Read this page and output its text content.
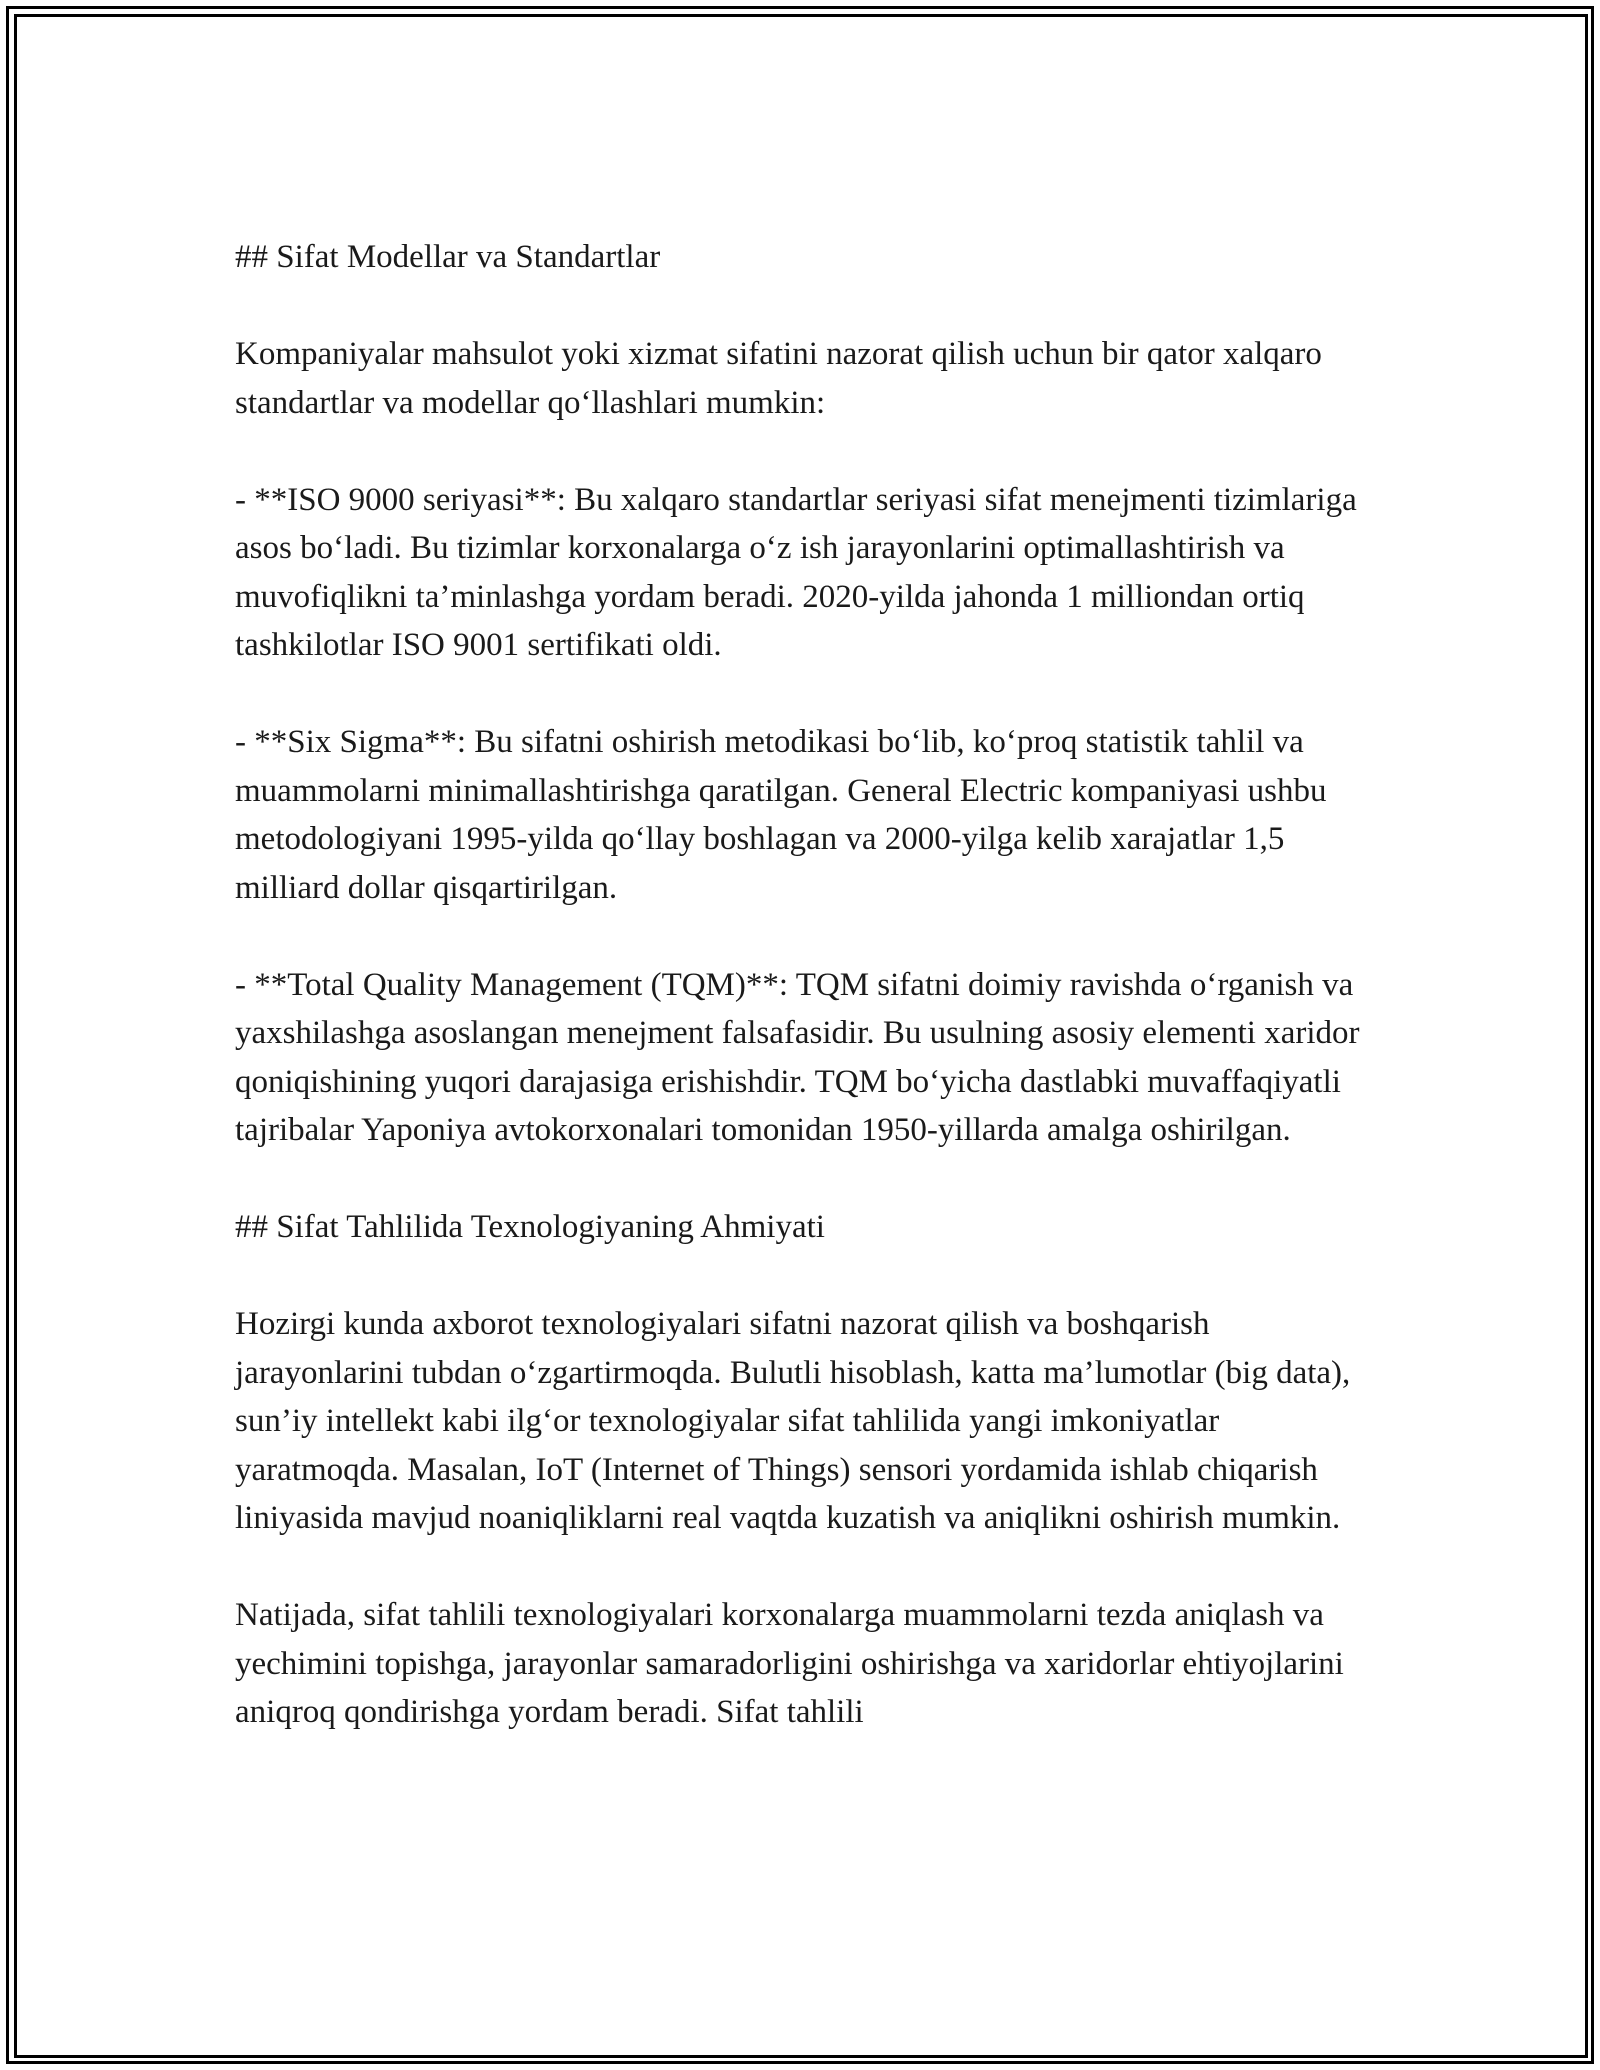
## Sifat Modellar va Standartlar

Kompaniyalar mahsulot yoki xizmat sifatini nazorat qilish uchun bir qator xalqaro standartlar va modellar qo‘llashlari mumkin:

- **ISO 9000 seriyasi**: Bu xalqaro standartlar seriyasi sifat menejmenti tizimlariga asos bo‘ladi. Bu tizimlar korxonalarga o‘z ish jarayonlarini optimallashtirish va muvofiqlikni ta’minlashga yordam beradi. 2020-yilda jahonda 1 milliondan ortiq tashkilotlar ISO 9001 sertifikati oldi.

- **Six Sigma**: Bu sifatni oshirish metodikasi bo‘lib, ko‘proq statistik tahlil va muammolarni minimallashtirishga qaratilgan. General Electric kompaniyasi ushbu metodologiyani 1995-yilda qo‘llay boshlagan va 2000-yilga kelib xarajatlar 1,5 milliard dollar qisqartirilgan.

- **Total Quality Management (TQM)**: TQM sifatni doimiy ravishda o‘rganish va yaxshilashga asoslangan menejment falsafasidir. Bu usulning asosiy elementi xaridor qoniqishining yuqori darajasiga erishishdir. TQM bo‘yicha dastlabki muvaffaqiyatli tajribalar Yaponiya avtokorxonalari tomonidan 1950-yillarda amalga oshirilgan.

## Sifat Tahlilida Texnologiyaning Ahmiyati

Hozirgi kunda axborot texnologiyalari sifatni nazorat qilish va boshqarish jarayonlarini tubdan o‘zgartirmoqda. Bulutli hisoblash, katta ma’lumotlar (big data), sun’iy intellekt kabi ilg‘or texnologiyalar sifat tahlilida yangi imkoniyatlar yaratmoqda. Masalan, IoT (Internet of Things) sensori yordamida ishlab chiqarish liniyasida mavjud noaniqliklarni real vaqtda kuzatish va aniqlikni oshirish mumkin.

Natijada, sifat tahlili texnologiyalari korxonalarga muammolarni tezda aniqlash va yechimini topishga, jarayonlar samaradorligini oshirishga va xaridorlar ehtiyojlarini aniqroq qondirishga yordam beradi. Sifat tahlili
